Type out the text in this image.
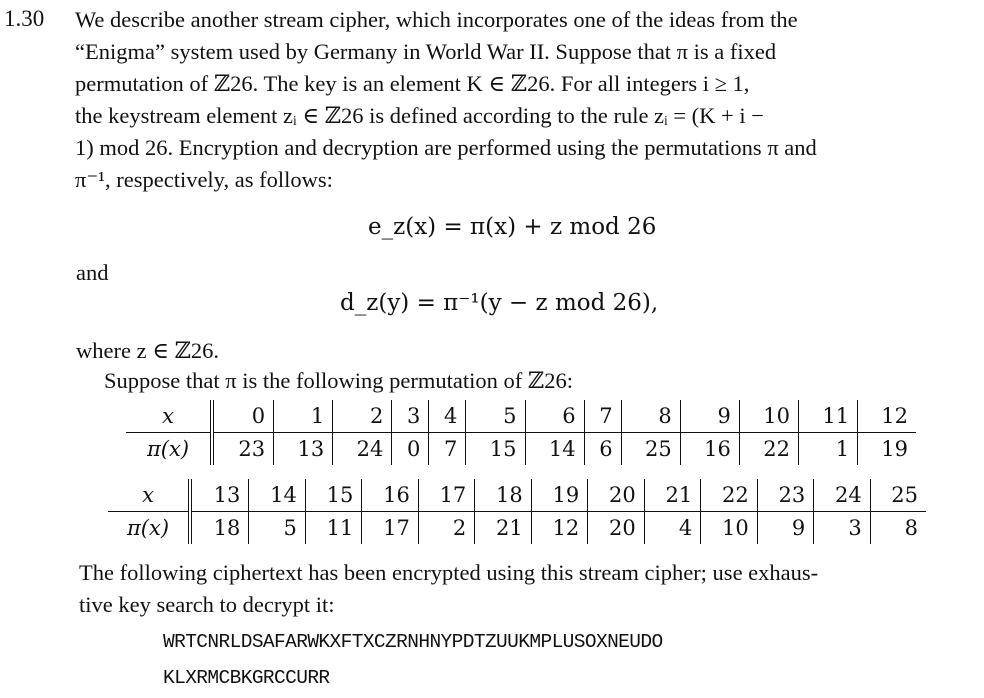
1.30 We describe another stream cipher, which incorporates one of the ideas from the
“Enigma” system used by Germany in World War II. Suppose that π is a fixed
permutation of ℤ26. The key is an element K ∈ ℤ26. For all integers i ≥ 1,
the keystream element zᵢ ∈ ℤ26 is defined according to the rule zᵢ = (K + i −
1) mod 26. Encryption and decryption are performed using the permutations π and
π⁻¹, respectively, as follows:
e_z(x) = π(x) + z mod 26
and
d_z(y) = π⁻¹(y − z mod 26),
where z ∈ ℤ26.
Suppose that π is the following permutation of ℤ26:
x	0	1	2	3	4	5	6	7	8	9	10	11	12
π(x)	23	13	24	0	7	15	14	6	25	16	22	1	19
x	13	14	15	16	17	18	19	20	21	22	23	24	25
π(x)	18	5	11	17	2	21	12	20	4	10	9	3	8
The following ciphertext has been encrypted using this stream cipher; use exhaus-
tive key search to decrypt it:
WRTCNRLDSAFARWKXFTXCZRNHNYPDTZUUKMPLUSOXNEUDO
KLXRMCBKGRCCURR
